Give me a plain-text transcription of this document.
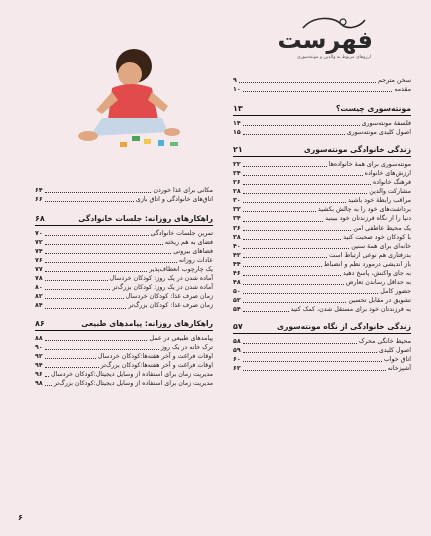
فهرست
ارزوهای مربوط به والدین و مونته‌سوری
سخن مترجم
۹
مقدمه
۱۰
مونته‌سوری چیست؟
۱۳
فلسفهٔ مونته‌سوری
۱۴
اصول کلیدی مونته‌سوری
۱۵
زندگی خانوادگی مونته‌سوری
۲۱
مونته‌سوری برای همهٔ خانواده‌ها
۲۲
ارزش‌های خانواده
۲۴
فرهنگ خانواده
۲۶
مشارکت والدین
۲۸
مراقب رابطهٔ خود باشید
۳۰
برداشت‌های خود را به چالش بکشید
۳۲
دنیا را از نگاه فرزندتان خود ببینید
۳۴
یک محیط عاطفی امن
۳۶
با کودکان خود صحبت کنید
۳۸
خانه‌ای برای همهٔ سنین
۴۰
بدرفتاری هم نوعی ارتباط است
۴۲
باز اندیشی درمورد نظم و انضباط
۴۴
به جای واکنش، پاسخ دهید
۴۶
به حداقل رساندن تعارض
۴۸
حضور کامل
۵۰
تشویق در مقابل تحسین
۵۲
به فرزندتان خود برای مستقل شدن، کمک کنید
۵۴
زندگی خانوادگی از نگاه مونته‌سوری
۵۷
محیط خانگی محرک
۵۸
اصول کلیدی
۵۹
اتاق خواب
۶۰
آشپزخانه
۶۲
مکانی برای غذا خوردن
۶۴
اتاق‌های خانوادگی و اتاق بازی
۶۶
راهکارهای روزانه: جلسات خانوادگی
۶۸
تمرین جلسات خانوادگی
۷۰
فضای به هم ریخته
۷۲
فضاهای بیرونی
۷۴
عادات روزانه
۷۶
یک چارچوب انعطاف‌پذیر
۷۷
آماده شدن در یک روز: کودکان خردسال
۷۸
آماده شدن در یک روز: کودکان بزرگ‌تر
۸۰
زمان صرف غذا: کودکان خردسال
۸۲
زمان صرف غذا: کودکان بزرگ‌تر
۸۴
راهکارهای روزانه: پیامدهای طبیعی
۸۶
پیامدهای طبیعی در عمل
۸۸
ترک خانه در یک روز
۹۰
اوقات فراغت و آخر هفته‌ها:کودکان خردسال
۹۲
اوقات فراغت و آخر هفته‌ها:کودکان بزرگ‌تر
۹۴
مدیریت زمان برای استفاده از وسایل دیجیتال:کودکان خردسال
۹۶
مدیریت زمان برای استفاده از وسایل دیجیتال:کودکان بزرگ‌تر
۹۸
۶
